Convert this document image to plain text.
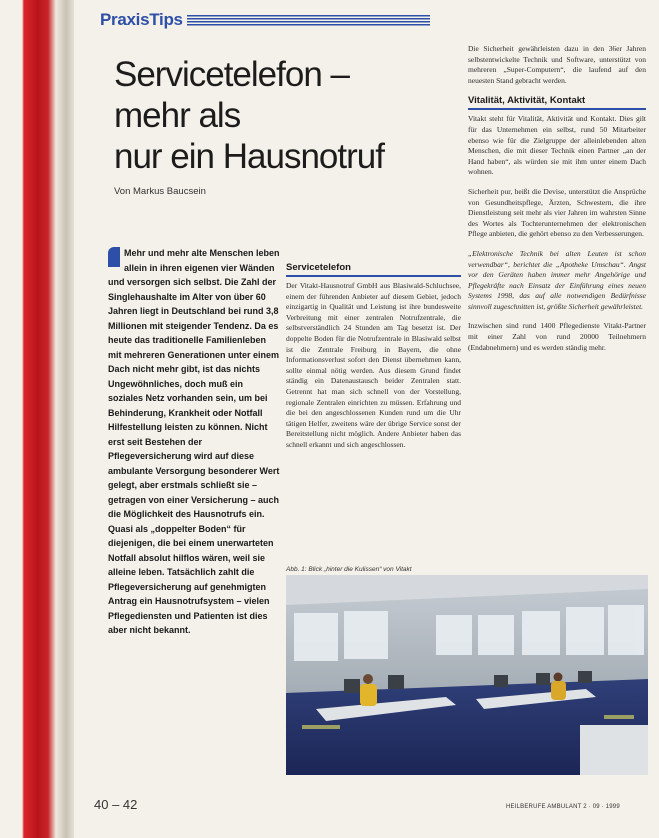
PraxisTips
Servicetelefon –
mehr als
nur ein Hausnotruf
Von Markus Baucsein
Mehr und mehr alte Menschen leben allein in ihren eigenen vier Wänden und versorgen sich selbst. Die Zahl der Singlehaushalte im Alter von über 60 Jahren liegt in Deutschland bei rund 3,8 Millionen mit steigender Tendenz. Da es heute das traditionelle Familienleben mit mehreren Generationen unter einem Dach nicht mehr gibt, ist das nichts Ungewöhnliches, doch muß ein soziales Netz vorhanden sein, um bei Behinderung, Krankheit oder Notfall Hilfestellung leisten zu können. Nicht erst seit Bestehen der Pflegeversicherung wird auf diese ambulante Versorgung besonderer Wert gelegt, aber erstmals schließt sie – getragen von einer Versicherung – auch die Möglichkeit des Hausnotrufs ein. Quasi als „doppelter Boden“ für diejenigen, die bei einem unerwarteten Notfall absolut hilflos wären, weil sie alleine leben. Tatsächlich zahlt die Pflegeversicherung auf genehmigten Antrag ein Hausnotrufsystem – vielen Pflegediensten und Patienten ist dies aber nicht bekannt.
Servicetelefon

Der Vitakt-Hausnotruf GmbH aus Blasiwald-Schluchsee, einem der führenden Anbieter auf diesem Gebiet, jedoch einzigartig in Qualität und Leistung ist ihre bundesweite Verbreitung mit einer zentralen Notrufzentrale, die selbstverständlich 24 Stunden am Tag besetzt ist. Der doppelte Boden für die Notrufzentrale in Blasiwald selbst ist die Zentrale Freiburg in Bayern, die ohne Informationsverlust sofort den Dienst übernehmen kann, sollte einmal nötig werden. Aus diesem Grund findet ständig ein Datenaustausch beider Zentralen statt. Getrennt hat man sich schnell von der Vorstellung, regionale Zentralen einrichten zu müssen. Erfahrung und die bei den angeschlossenen Kunden rund um die Uhr tätigen Helfer, zweitens wäre der übrige Service sonst der Bereitstellung nicht möglich. Andere Anbieter haben das schnell erkannt und sich angeschlossen.

Die Sicherheit gewährleisten dazu in den 36er Jahren selbstentwickelte Technik und Software, unterstützt von mehreren „Super-Computern“, die laufend auf den neuesten Stand gebracht werden.

Vitalität, Aktivität, Kontakt

Vitakt steht für Vitalität, Aktivität und Kontakt. Dies gilt für das Unternehmen ein selbst, rund 50 Mitarbeiter ebenso wie für die Zielgruppe der alleinlebenden alten Menschen, die mit dieser Technik einen Partner „an der Hand haben“, als würden sie mit ihm unter einem Dach wohnen.

Sicherheit pur, heißt die Devise, unterstützt die Ansprüche von Gesundheitspflege, Ärzten, Schwestern, die ihre Dienstleistung seit mehr als vier Jahren im wahrsten Sinne des Wortes als Tochterunternehmen der elektronischen Pflege anbieten, die gehört ebenso zu den Verbesserungen.

„Elektronische Technik bei alten Leuten ist schon verwendbar“, berichtet die „Apotheke Umschau“. Angst vor den Geräten haben immer mehr Angehörige und Pflegekräfte nach Einsatz der Einführung eines neuen Systems 1998, das auf alle notwendigen Bedürfnisse sinnvoll zugeschnitten ist, größte Sicherheit gewährleistet.

Inzwischen sind rund 1400 Pflegedienste Vitakt-Partner mit einer Zahl von rund 20000 Teilnehmern (Endabnehmern) und es werden ständig mehr.

Abb. 1: Blick „hinter die Kulissen“ von Vitakt
40 – 42	HEILBERUFE AMBULANT 2 · 09 · 1999
